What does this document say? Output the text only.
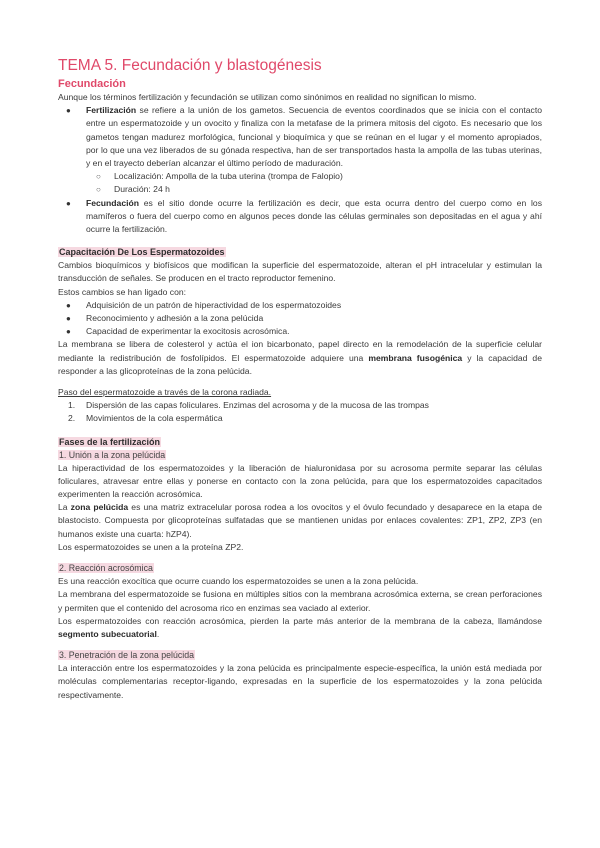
TEMA 5. Fecundación y blastogénesis
Fecundación

Aunque los términos fertilización y fecundación se utilizan como sinónimos en realidad no significan lo mismo.

● Fertilización se refiere a la unión de los gametos. Secuencia de eventos coordinados que se inicia con el contacto entre un espermatozoide y un ovocito y finaliza con la metafase de la primera mitosis del cigoto. Es necesario que los gametos tengan madurez morfológica, funcional y bioquímica y que se reúnan en el lugar y el momento apropiados, por lo que una vez liberados de su gónada respectiva, han de ser transportados hasta la ampolla de las tubas uterinas, y en el trayecto deberían alcanzar el último período de maduración.
○ Localización: Ampolla de la tuba uterina (trompa de Falopio)
○ Duración: 24 h
● Fecundación es el sitio donde ocurre la fertilización es decir, que esta ocurra dentro del cuerpo como en los mamíferos o fuera del cuerpo como en algunos peces donde las células germinales son depositadas en el agua y ahí ocurre la fertilización.
Capacitación De Los Espermatozoides

Cambios bioquímicos y biofísicos que modifican la superficie del espermatozoide, alteran el pH intracelular y estimulan la transducción de señales. Se producen en el tracto reproductor femenino.

Estos cambios se han ligado con:

● Adquisición de un patrón de hiperactividad de los espermatozoides
● Reconocimiento y adhesión a la zona pelúcida
● Capacidad de experimentar la exocitosis acrosómica.

La membrana se libera de colesterol y actúa el ion bicarbonato, papel directo en la remodelación de la superficie celular mediante la redistribución de fosfolípidos. El espermatozoide adquiere una membrana fusogénica y la capacidad de responder a las glicoproteínas de la zona pelúcida.

Paso del espermatozoide a través de la corona radiada.

1. Dispersión de las capas foliculares. Enzimas del acrosoma y de la mucosa de las trompas
2. Movimientos de la cola espermática
Fases de la fertilización

1. Unión a la zona pelúcida

La hiperactividad de los espermatozoides y la liberación de hialuronidasa por su acrosoma permite separar las células foliculares, atravesar entre ellas y ponerse en contacto con la zona pelúcida, para que los espermatozoides capacitados experimenten la reacción acrosómica.

La zona pelúcida es una matriz extracelular porosa rodea a los ovocitos y el óvulo fecundado y desaparece en la etapa de blastocisto. Compuesta por glicoproteínas sulfatadas que se mantienen unidas por enlaces covalentes: ZP1, ZP2, ZP3 (en humanos existe una cuarta: hZP4).

Los espermatozoides se unen a la proteína ZP2.

2. Reacción acrosómica

Es una reacción exocítica que ocurre cuando los espermatozoides se unen a la zona pelúcida.

La membrana del espermatozoide se fusiona en múltiples sitios con la membrana acrosómica externa, se crean perforaciones y permiten que el contenido del acrosoma rico en enzimas sea vaciado al exterior.

Los espermatozoides con reacción acrosómica, pierden la parte más anterior de la membrana de la cabeza, llamándose segmento subecuatorial.

3. Penetración de la zona pelúcida

La interacción entre los espermatozoides y la zona pelúcida es principalmente especie-específica, la unión está mediada por moléculas complementarias receptor-ligando, expresadas en la superficie de los espermatozoides y la zona pelúcida respectivamente.
